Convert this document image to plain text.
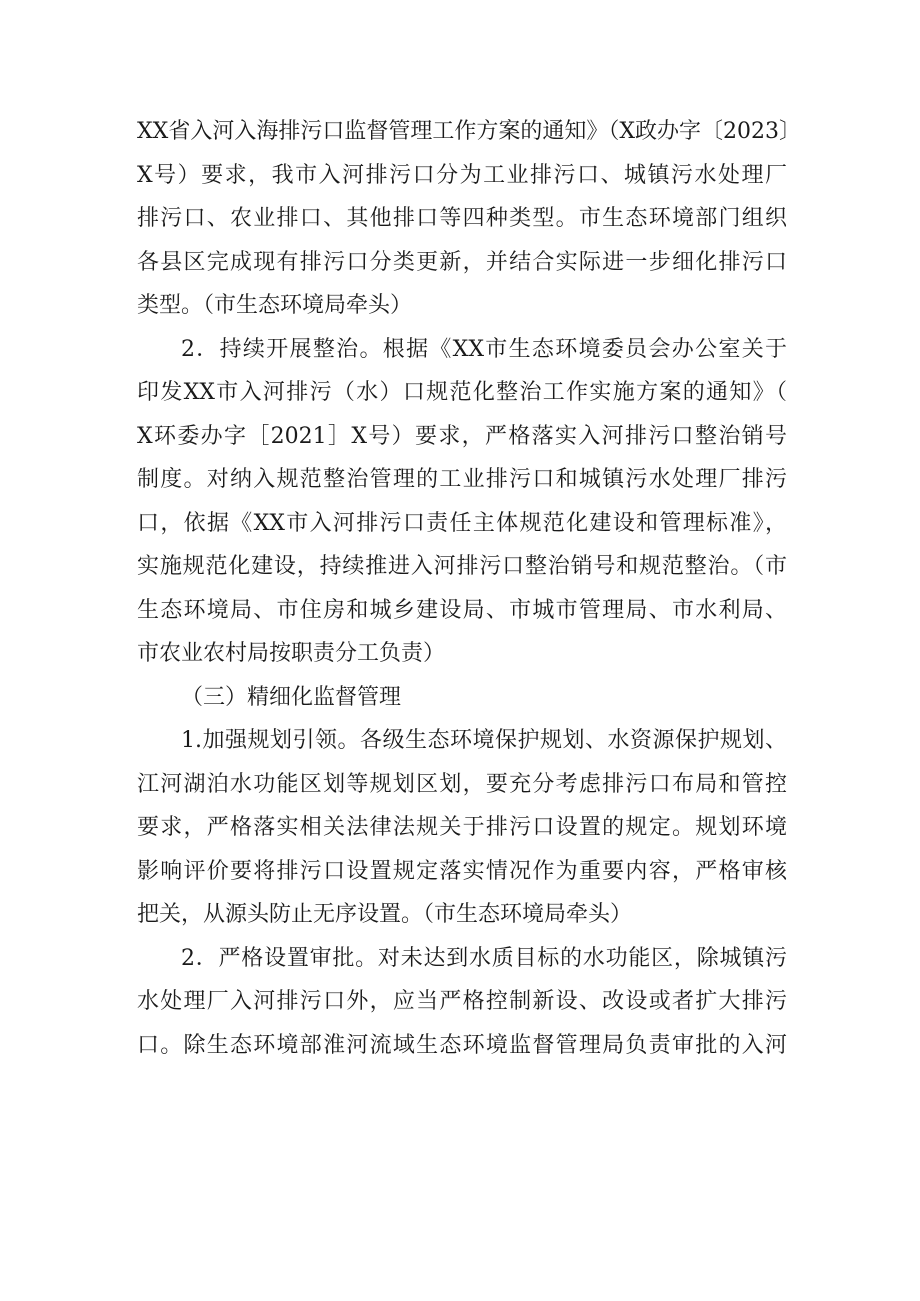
XX省入河入海排污口监督管理工作方案的通知》（X政办字〔2023〕
X号）要求，我市入河排污口分为工业排污口、城镇污水处理厂
排污口、农业排口、其他排口等四种类型。市生态环境部门组织
各县区完成现有排污口分类更新，并结合实际进一步细化排污口
类型。（市生态环境局牵头）
2．持续开展整治。根据《XX市生态环境委员会办公室关于
印发XX市入河排污（水）口规范化整治工作实施方案的通知》（
X环委办字［2021］X号）要求，严格落实入河排污口整治销号
制度。对纳入规范整治管理的工业排污口和城镇污水处理厂排污
口，依据《XX市入河排污口责任主体规范化建设和管理标准》，
实施规范化建设，持续推进入河排污口整治销号和规范整治。（市
生态环境局、市住房和城乡建设局、市城市管理局、市水利局、
市农业农村局按职责分工负责）
（三）精细化监督管理
1.加强规划引领。各级生态环境保护规划、水资源保护规划、
江河湖泊水功能区划等规划区划，要充分考虑排污口布局和管控
要求，严格落实相关法律法规关于排污口设置的规定。规划环境
影响评价要将排污口设置规定落实情况作为重要内容，严格审核
把关，从源头防止无序设置。（市生态环境局牵头）
2．严格设置审批。对未达到水质目标的水功能区，除城镇污
水处理厂入河排污口外，应当严格控制新设、改设或者扩大排污
口。除生态环境部淮河流域生态环境监督管理局负责审批的入河
